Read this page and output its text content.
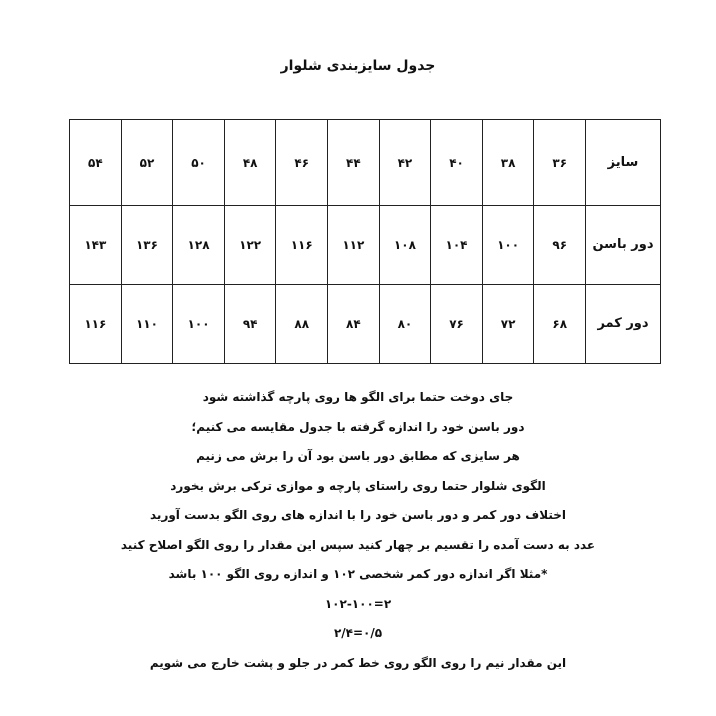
جدول سایزبندی شلوار
سایز	۳۶	۳۸	۴۰	۴۲	۴۴	۴۶	۴۸	۵۰	۵۲	۵۴
دور باسن	۹۶	۱۰۰	۱۰۴	۱۰۸	۱۱۲	۱۱۶	۱۲۲	۱۲۸	۱۳۶	۱۴۳
دور کمر	۶۸	۷۲	۷۶	۸۰	۸۴	۸۸	۹۴	۱۰۰	۱۱۰	۱۱۶
جای دوخت حتما برای الگو ها روی پارچه گذاشته شود
دور باسن خود را اندازه گرفته با جدول مقایسه می کنیم؛
هر سایزی که مطابق دور باسن بود آن را برش می زنیم
الگوی شلوار حتما روی راستای پارچه و موازی ترکی برش بخورد
اختلاف دور کمر و دور باسن خود را با اندازه های روی الگو بدست آورید
عدد به دست آمده را تقسیم بر چهار کنید سپس این مقدار را روی الگو اصلاح کنید
*مثلا اگر اندازه دور کمر شخصی ۱۰۲ و اندازه روی الگو ۱۰۰ باشد
۱۰۲-۱۰۰=۲
۲/۴=۰/۵
این مقدار نیم را روی الگو روی خط کمر در جلو و پشت خارج می شویم
